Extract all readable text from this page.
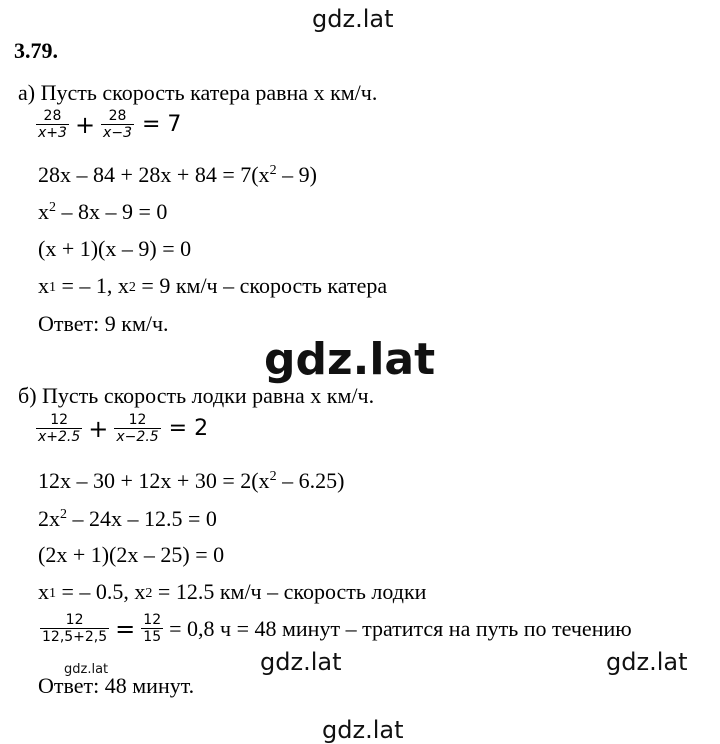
gdz.lat
3.79.
а) Пусть скорость катера равна х км/ч.
$\frac{28}{x+3} + \frac{28}{x-3} = 7$
$28x - 84 + 28x + 84 = 7(x^2 - 9)$
$x^2 - 8x - 9 = 0$
(x + 1)(x – 9) = 0
$x_1$ = – 1, $x_2 = 9$ км/ч – скорость катера
Ответ: 9 км/ч.
gdz.lat
б) Пусть скорость лодки равна х км/ч.
$\frac{12}{x+2.5} + \frac{12}{x-2.5} = 2$
$12x - 30 + 12x + 30 = 2(x^2 - 6.25)$
$2x^2 - 24x - 12.5 = 0$
(2x + 1)(2x – 25) = 0
$x_1$ = – 0.5, $x_2 = 12.5$ км/ч – скорость лодки
$\frac{12}{12,5+2,5} = \frac{12}{15} = 0,8$ ч = 48 минут – тратится на путь по течению
gdz.lat	gdz.lat	gdz.lat
Ответ: 48 минут.
gdz.lat
